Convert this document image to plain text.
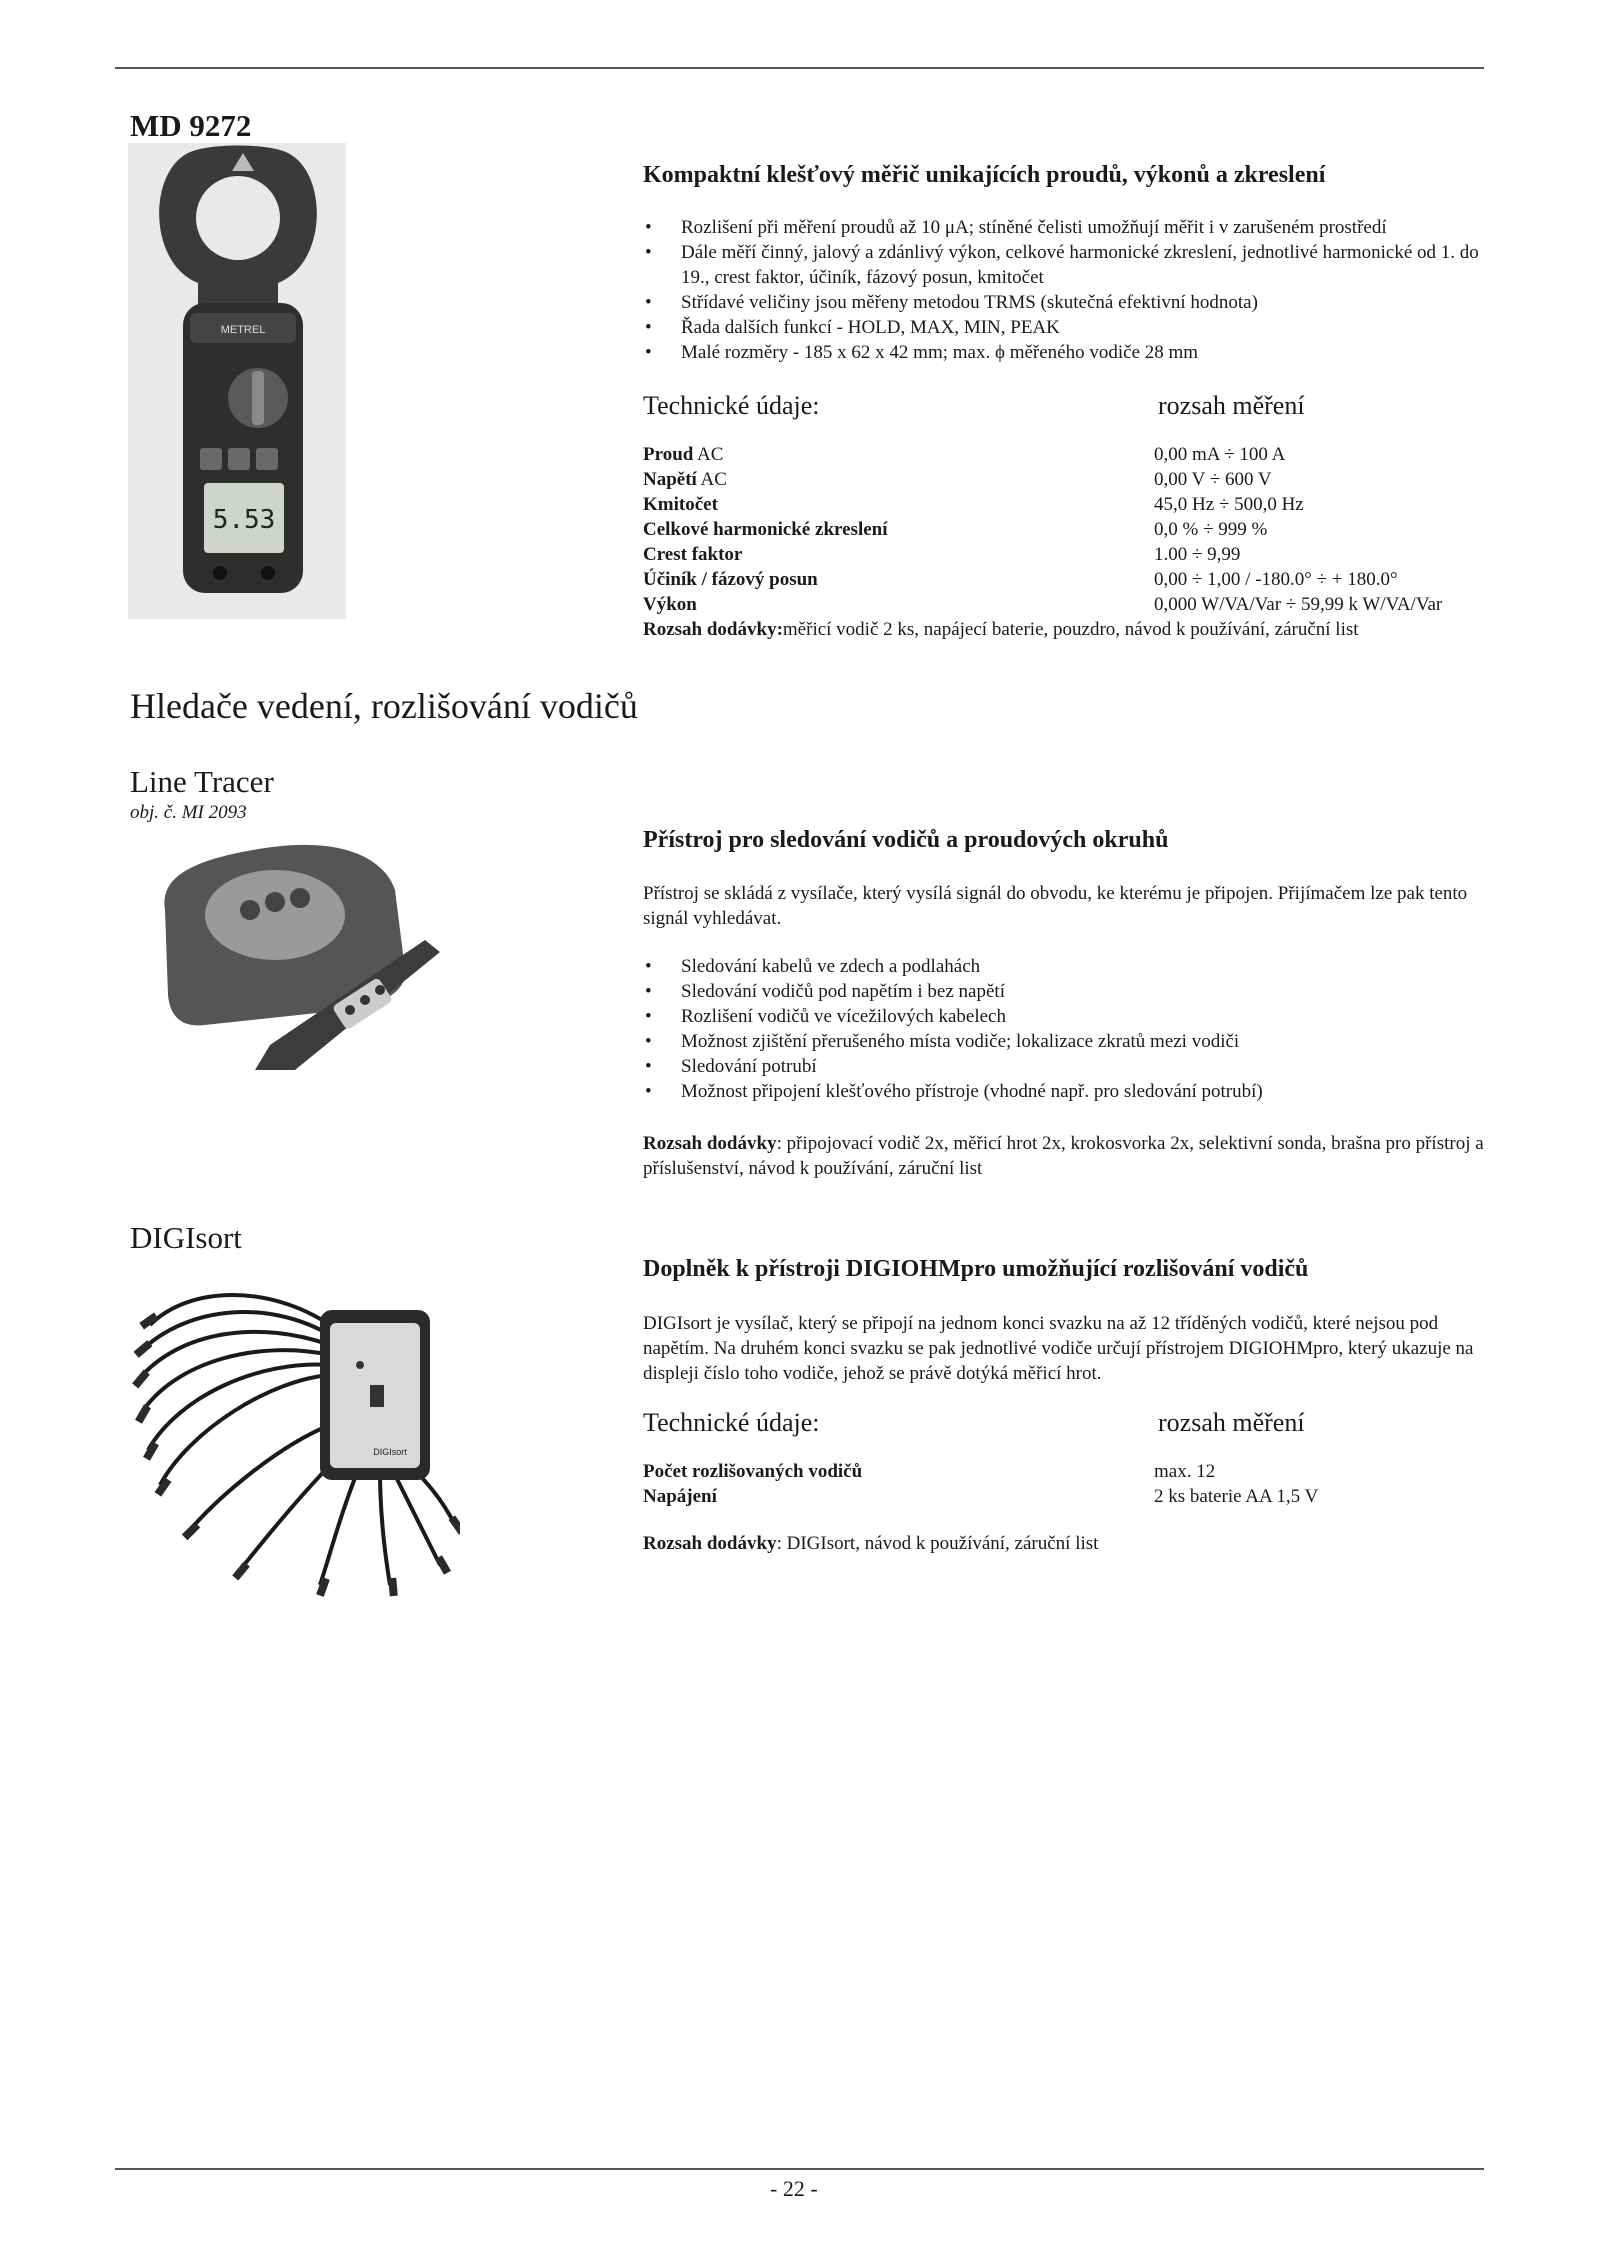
MD 9272
METREL
5.53
Kompaktní klešťový měřič unikajících proudů, výkonů a zkreslení
• Rozlišení při měření proudů až 10 μA; stíněné čelisti umožňují měřit i v zarušeném prostředí
• Dále měří činný, jalový a zdánlivý výkon, celkové harmonické zkreslení, jednotlivé harmonické od 1. do 19., crest faktor, účiník, fázový posun, kmitočet
• Střídavé veličiny jsou měřeny metodou TRMS (skutečná efektivní hodnota)
• Řada dalších funkcí - HOLD, MAX, MIN, PEAK
• Malé rozměry - 185 x 62 x 42 mm; max. ϕ měřeného vodiče 28 mm
Technické údaje:	rozsah měření
Proud AC	0,00 mA ÷ 100 A
Napětí AC	0,00 V ÷ 600 V
Kmitočet	45,0 Hz ÷ 500,0 Hz
Celkové harmonické zkreslení	0,0 % ÷ 999 %
Crest faktor	1.00 ÷ 9,99
Účiník / fázový posun	0,00 ÷ 1,00 / -180.0° ÷ + 180.0°
Výkon	0,000 W/VA/Var ÷ 59,99 k W/VA/Var
Rozsah dodávky: měřicí vodič 2 ks, napájecí baterie, pouzdro, návod k používání, záruční list
Hledače vedení, rozlišování vodičů
Line Tracer
obj. č. MI 2093
Přístroj pro sledování vodičů a proudových okruhů
Přístroj se skládá z vysílače, který vysílá signál do obvodu, ke kterému je připojen. Přijímačem lze pak tento signál vyhledávat.
• Sledování kabelů ve zdech a podlahách
• Sledování vodičů pod napětím i bez napětí
• Rozlišení vodičů ve vícežilových kabelech
• Možnost zjištění přerušeného místa vodiče; lokalizace zkratů mezi vodiči
• Sledování potrubí
• Možnost připojení klešťového přístroje (vhodné např. pro sledování potrubí)
Rozsah dodávky: připojovací vodič 2x, měřicí hrot 2x, krokosvorka 2x, selektivní sonda, brašna pro přístroj a příslušenství, návod k používání, záruční list
DIGIsort
DIGIsort
Doplněk k přístroji DIGIOHMpro umožňující rozlišování vodičů
DIGIsort je vysílač, který se připojí na jednom konci svazku na až 12 tříděných vodičů, které nejsou pod napětím. Na druhém konci svazku se pak jednotlivé vodiče určují přístrojem DIGIOHMpro, který ukazuje na displeji číslo toho vodiče, jehož se právě dotýká měřicí hrot.
Technické údaje:	rozsah měření
Počet rozlišovaných vodičů	max. 12
Napájení	2 ks baterie AA 1,5 V
Rozsah dodávky: DIGIsort, návod k používání, záruční list
- 22 -
